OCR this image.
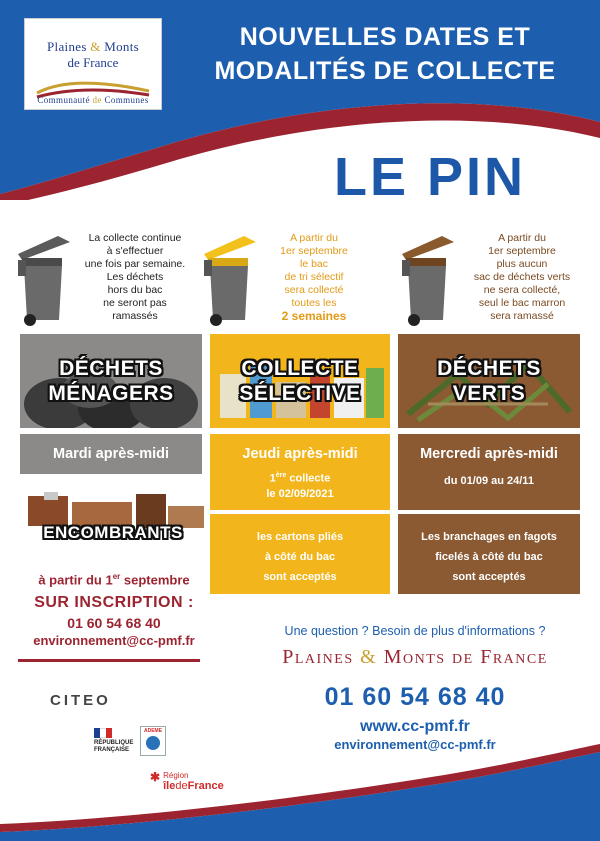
Plaines & Monts
de France
Communauté de Communes
NOUVELLES DATES ET
MODALITÉS DE COLLECTE
LE PIN
La collecte continue
à s'effectuer
une fois par semaine.
Les déchets
hors du bac
ne seront pas
ramassés
A partir du
1er septembre
le bac
de tri sélectif
sera collecté
toutes les
2 semaines
A partir du
1er septembre
plus aucun
sac de déchets verts
ne sera collecté,
seul le bac marron
sera ramassé
DÉCHETS
MÉNAGERS
COLLECTE
SÉLECTIVE
DÉCHETS
VERTS
Mardi après-midi	Jeudi après-midi
1ère collecte
le 02/09/2021
Mercredi après-midi
du 01/09 au 24/11
les cartons pliés
à côté du bac
sont acceptés
Les branchages en fagots
ficelés à côté du bac
sont acceptés
ENCOMBRANTS
à partir du 1er septembre
SUR INSCRIPTION :
01 60 54 68 40
environnement@cc-pmf.fr
Une question ? Besoin de plus d'informations ?
Plaines & Monts de France
01 60 54 68 40
www.cc-pmf.fr
environnement@cc-pmf.fr
CITEO
RÉPUBLIQUE
FRANÇAISE
ADEME
✱ Région
îledeFrance
